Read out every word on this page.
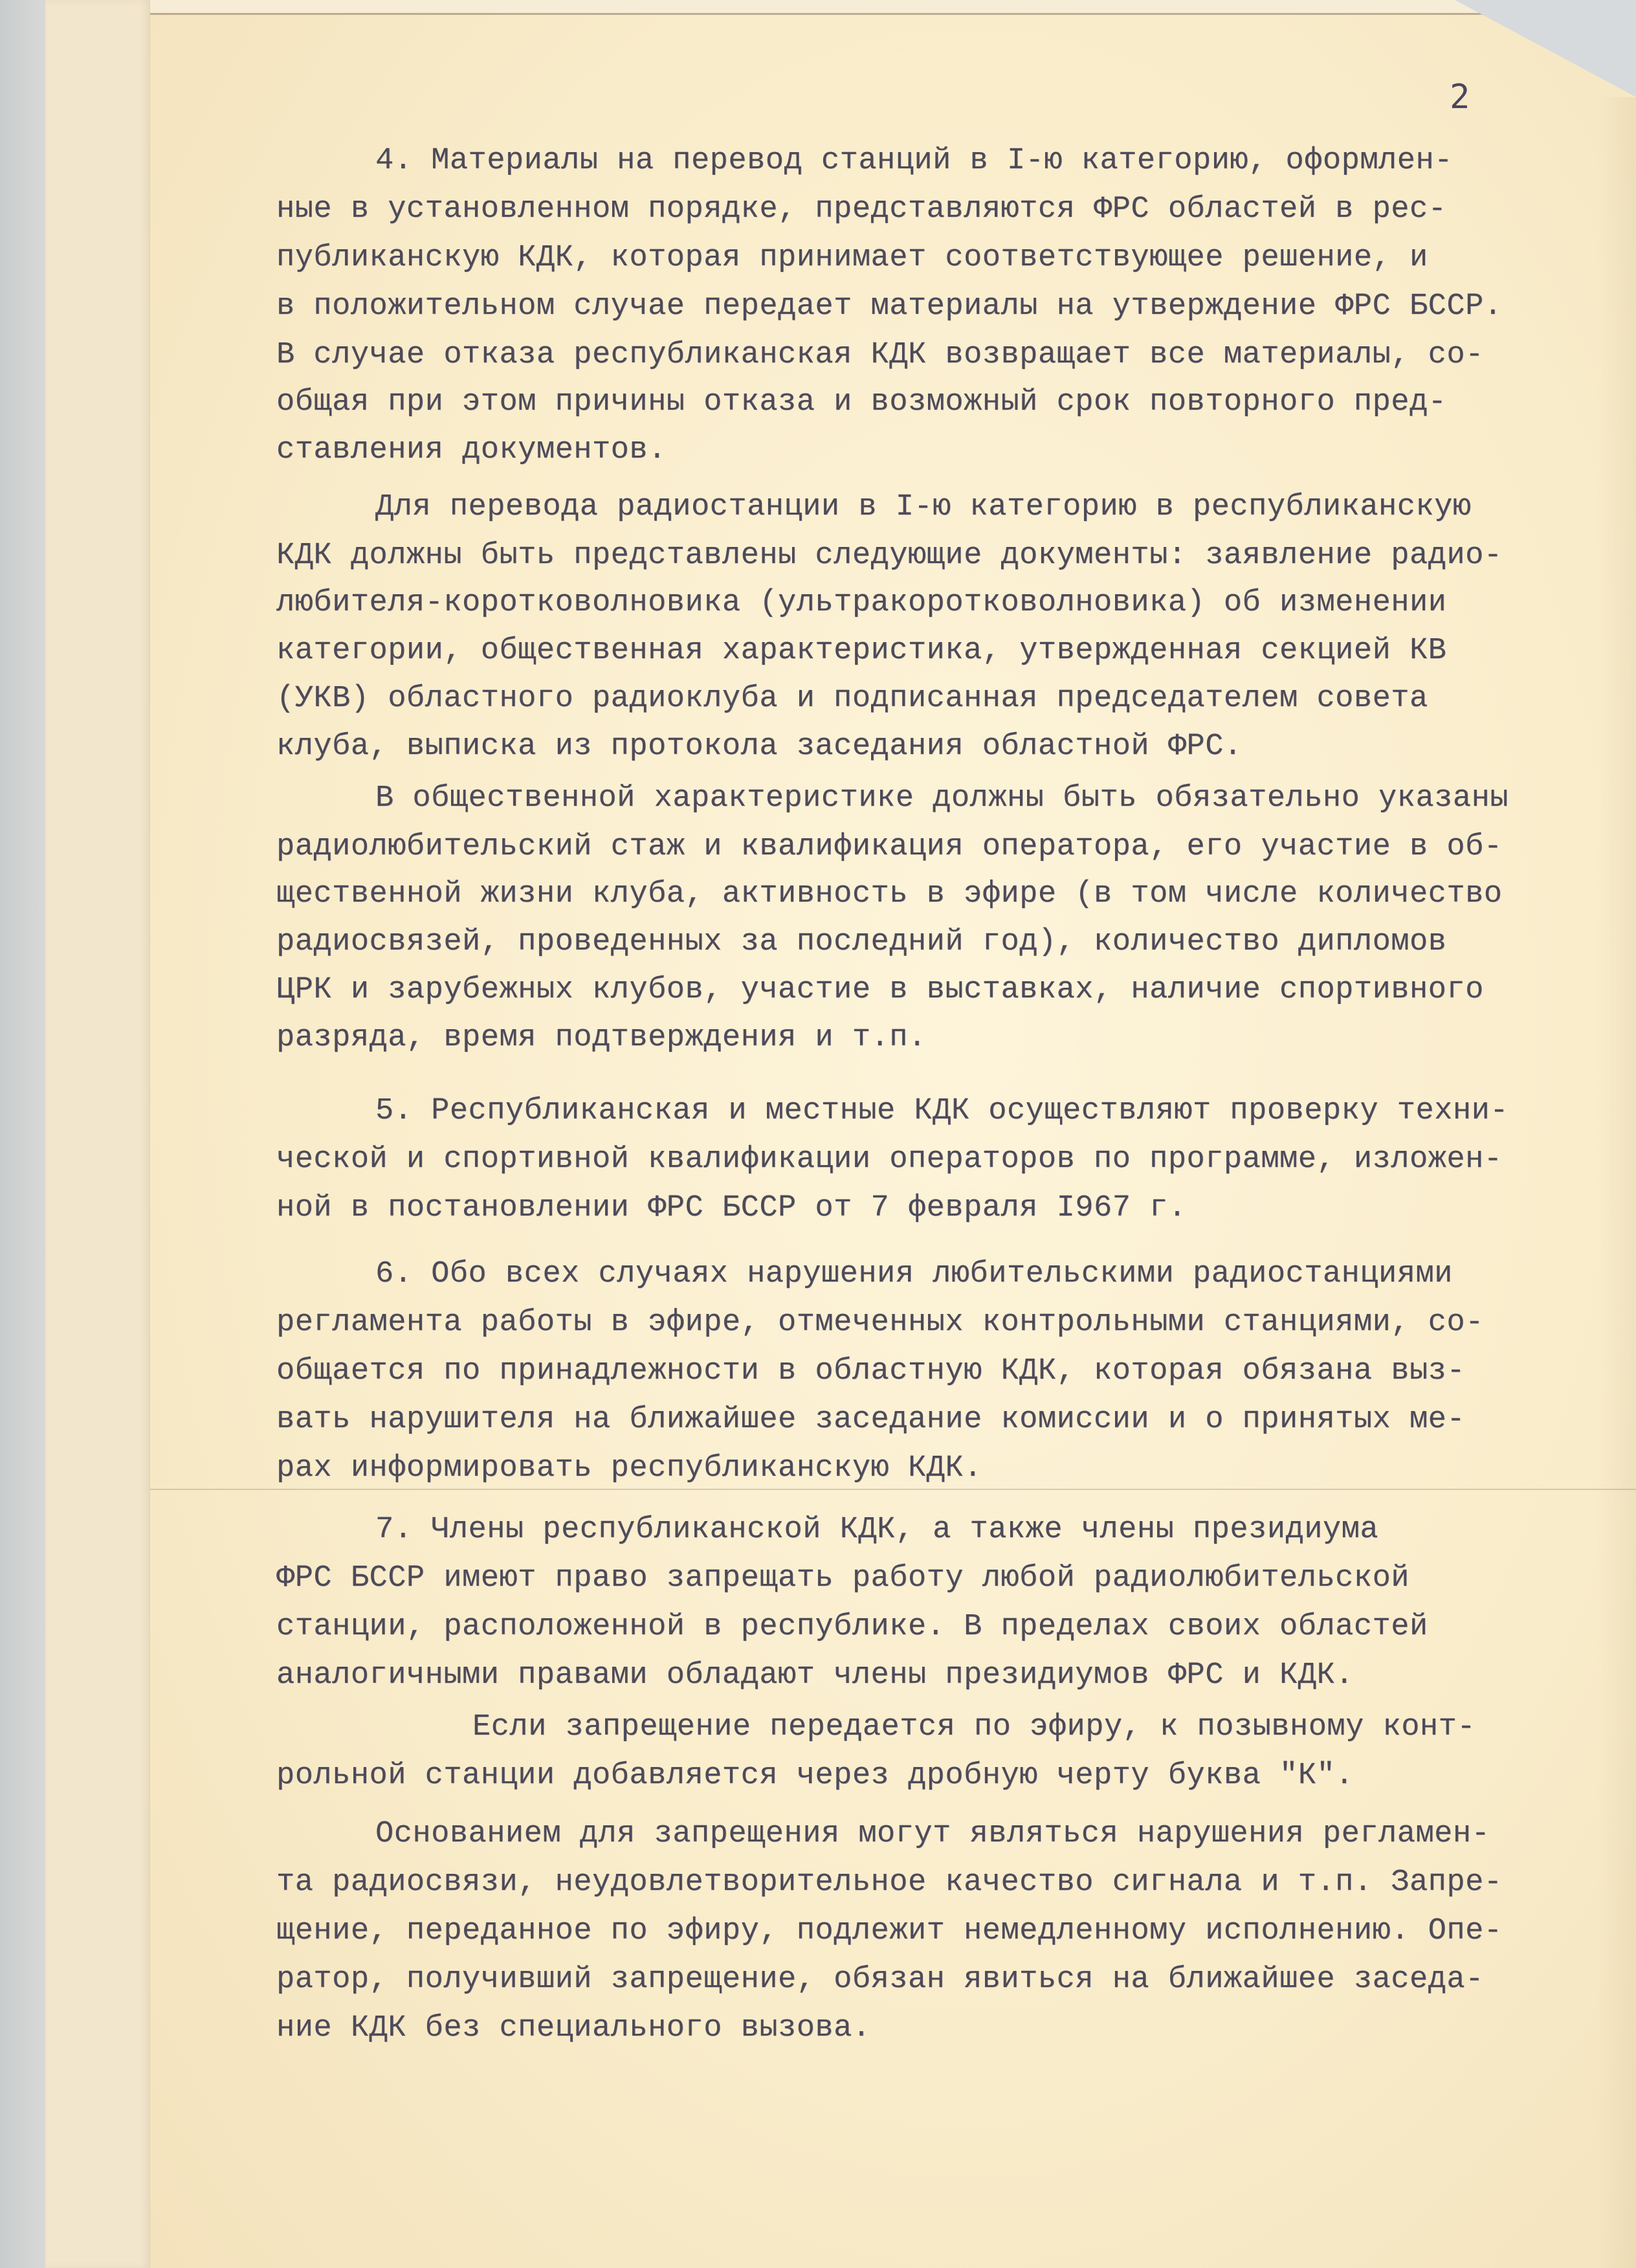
2
4. Материалы на перевод станций в I-ю категорию, оформлен-
ные в установленном порядке, представляются ФРС областей в рес-
публиканскую КДК, которая принимает соответствующее решение, и
в положительном случае передает материалы на утверждение ФРС БССР.
В случае отказа республиканская КДК возвращает все материалы, со-
общая при этом причины отказа и возможный срок повторного пред-
ставления документов.
Для перевода радиостанции в I-ю категорию в республиканскую
КДК должны быть представлены следующие документы: заявление радио-
любителя-коротковолновика (ультракоротковолновика) об изменении
категории, общественная характеристика, утвержденная секцией КВ
(УКВ) областного радиоклуба и подписанная председателем совета
клуба, выписка из протокола заседания областной ФРС.
В общественной характеристике должны быть обязательно указаны
радиолюбительский стаж и квалификация оператора, его участие в об-
щественной жизни клуба, активность в эфире (в том числе количество
радиосвязей, проведенных за последний год), количество дипломов
ЦРК и зарубежных клубов, участие в выставках, наличие спортивного
разряда, время подтверждения и т.п.
5. Республиканская и местные КДК осуществляют проверку техни-
ческой и спортивной квалификации операторов по программе, изложен-
ной в постановлении ФРС БССР от 7 февраля I967 г.
6. Обо всех случаях нарушения любительскими радиостанциями
регламента работы в эфире, отмеченных контрольными станциями, со-
общается по принадлежности в областную КДК, которая обязана выз-
вать нарушителя на ближайшее заседание комиссии и о принятых ме-
рах информировать республиканскую КДК.
7. Члены республиканской КДК, а также члены президиума
ФРС БССР имеют право запрещать работу любой радиолюбительской
станции, расположенной в республике. В пределах своих областей
аналогичными правами обладают члены президиумов ФРС и КДК.
Если запрещение передается по эфиру, к позывному конт-
рольной станции добавляется через дробную черту буква "К".
Основанием для запрещения могут являться нарушения регламен-
та радиосвязи, неудовлетворительное качество сигнала и т.п. Запре-
щение, переданное по эфиру, подлежит немедленному исполнению. Опе-
ратор, получивший запрещение, обязан явиться на ближайшее заседа-
ние КДК без специального вызова.
